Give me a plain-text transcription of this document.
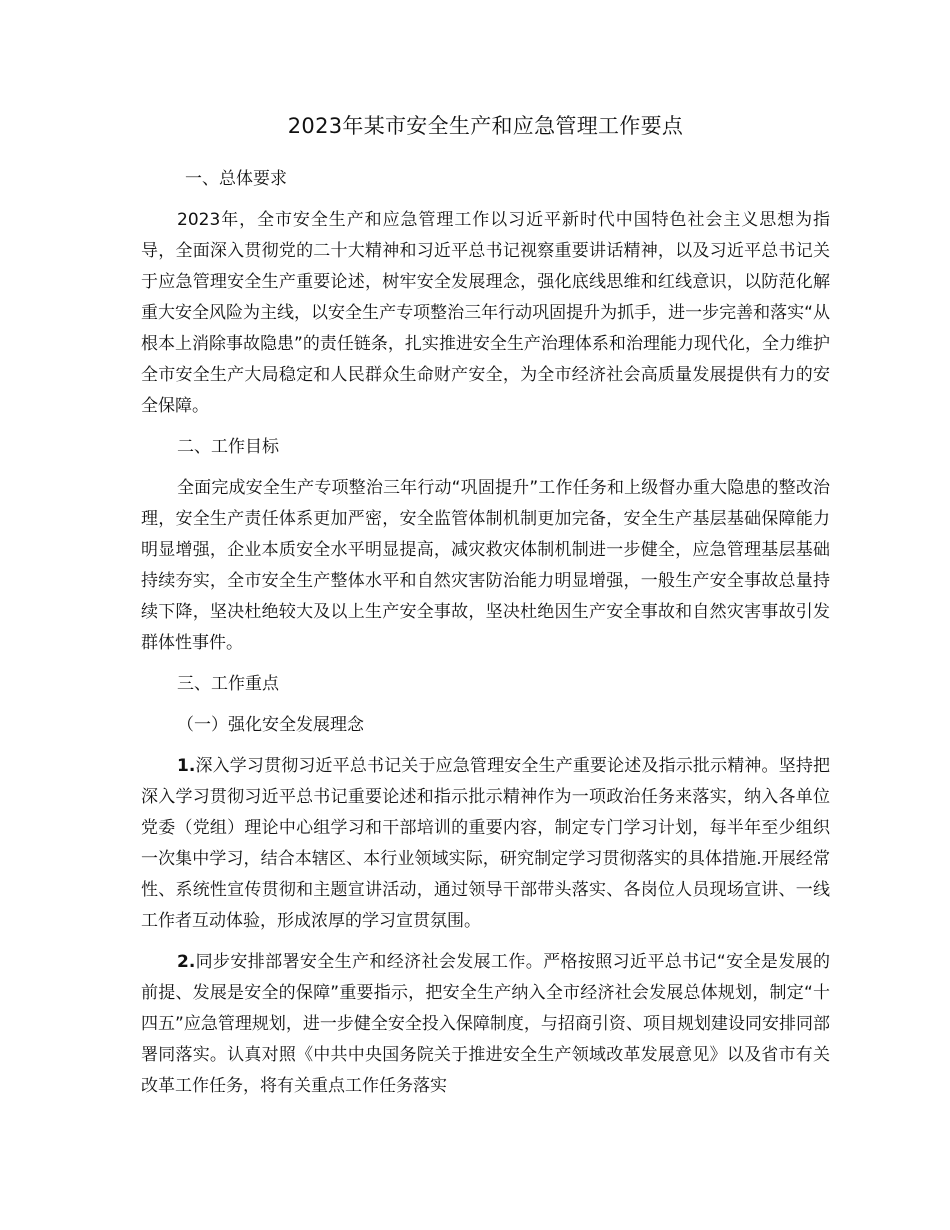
2023年某市安全生产和应急管理工作要点
一、总体要求

2023年，全市安全生产和应急管理工作以习近平新时代中国特色社会主义思想为指导，全面深入贯彻党的二十大精神和习近平总书记视察重要讲话精神，以及习近平总书记关于应急管理安全生产重要论述，树牢安全发展理念，强化底线思维和红线意识，以防范化解重大安全风险为主线，以安全生产专项整治三年行动巩固提升为抓手，进一步完善和落实“从根本上消除事故隐患”的责任链条，扎实推进安全生产治理体系和治理能力现代化，全力维护全市安全生产大局稳定和人民群众生命财产安全，为全市经济社会高质量发展提供有力的安全保障。

二、工作目标

全面完成安全生产专项整治三年行动“巩固提升”工作任务和上级督办重大隐患的整改治理，安全生产责任体系更加严密，安全监管体制机制更加完备，安全生产基层基础保障能力明显增强，企业本质安全水平明显提高，减灾救灾体制机制进一步健全，应急管理基层基础持续夯实，全市安全生产整体水平和自然灾害防治能力明显增强，一般生产安全事故总量持续下降，坚决杜绝较大及以上生产安全事故，坚决杜绝因生产安全事故和自然灾害事故引发群体性事件。

三、工作重点
（一）强化安全发展理念

1.深入学习贯彻习近平总书记关于应急管理安全生产重要论述及指示批示精神。坚持把深入学习贯彻习近平总书记重要论述和指示批示精神作为一项政治任务来落实，纳入各单位党委（党组）理论中心组学习和干部培训的重要内容，制定专门学习计划，每半年至少组织一次集中学习，结合本辖区、本行业领域实际，研究制定学习贯彻落实的具体措施.开展经常性、系统性宣传贯彻和主题宣讲活动，通过领导干部带头落实、各岗位人员现场宣讲、一线工作者互动体验，形成浓厚的学习宣贯氛围。

2.同步安排部署安全生产和经济社会发展工作。严格按照习近平总书记“安全是发展的前提、发展是安全的保障”重要指示，把安全生产纳入全市经济社会发展总体规划，制定“十四五”应急管理规划，进一步健全安全投入保障制度，与招商引资、项目规划建设同安排同部署同落实。认真对照《中共中央国务院关于推进安全生产领域改革发展意见》以及省市有关改革工作任务，将有关重点工作任务落实
